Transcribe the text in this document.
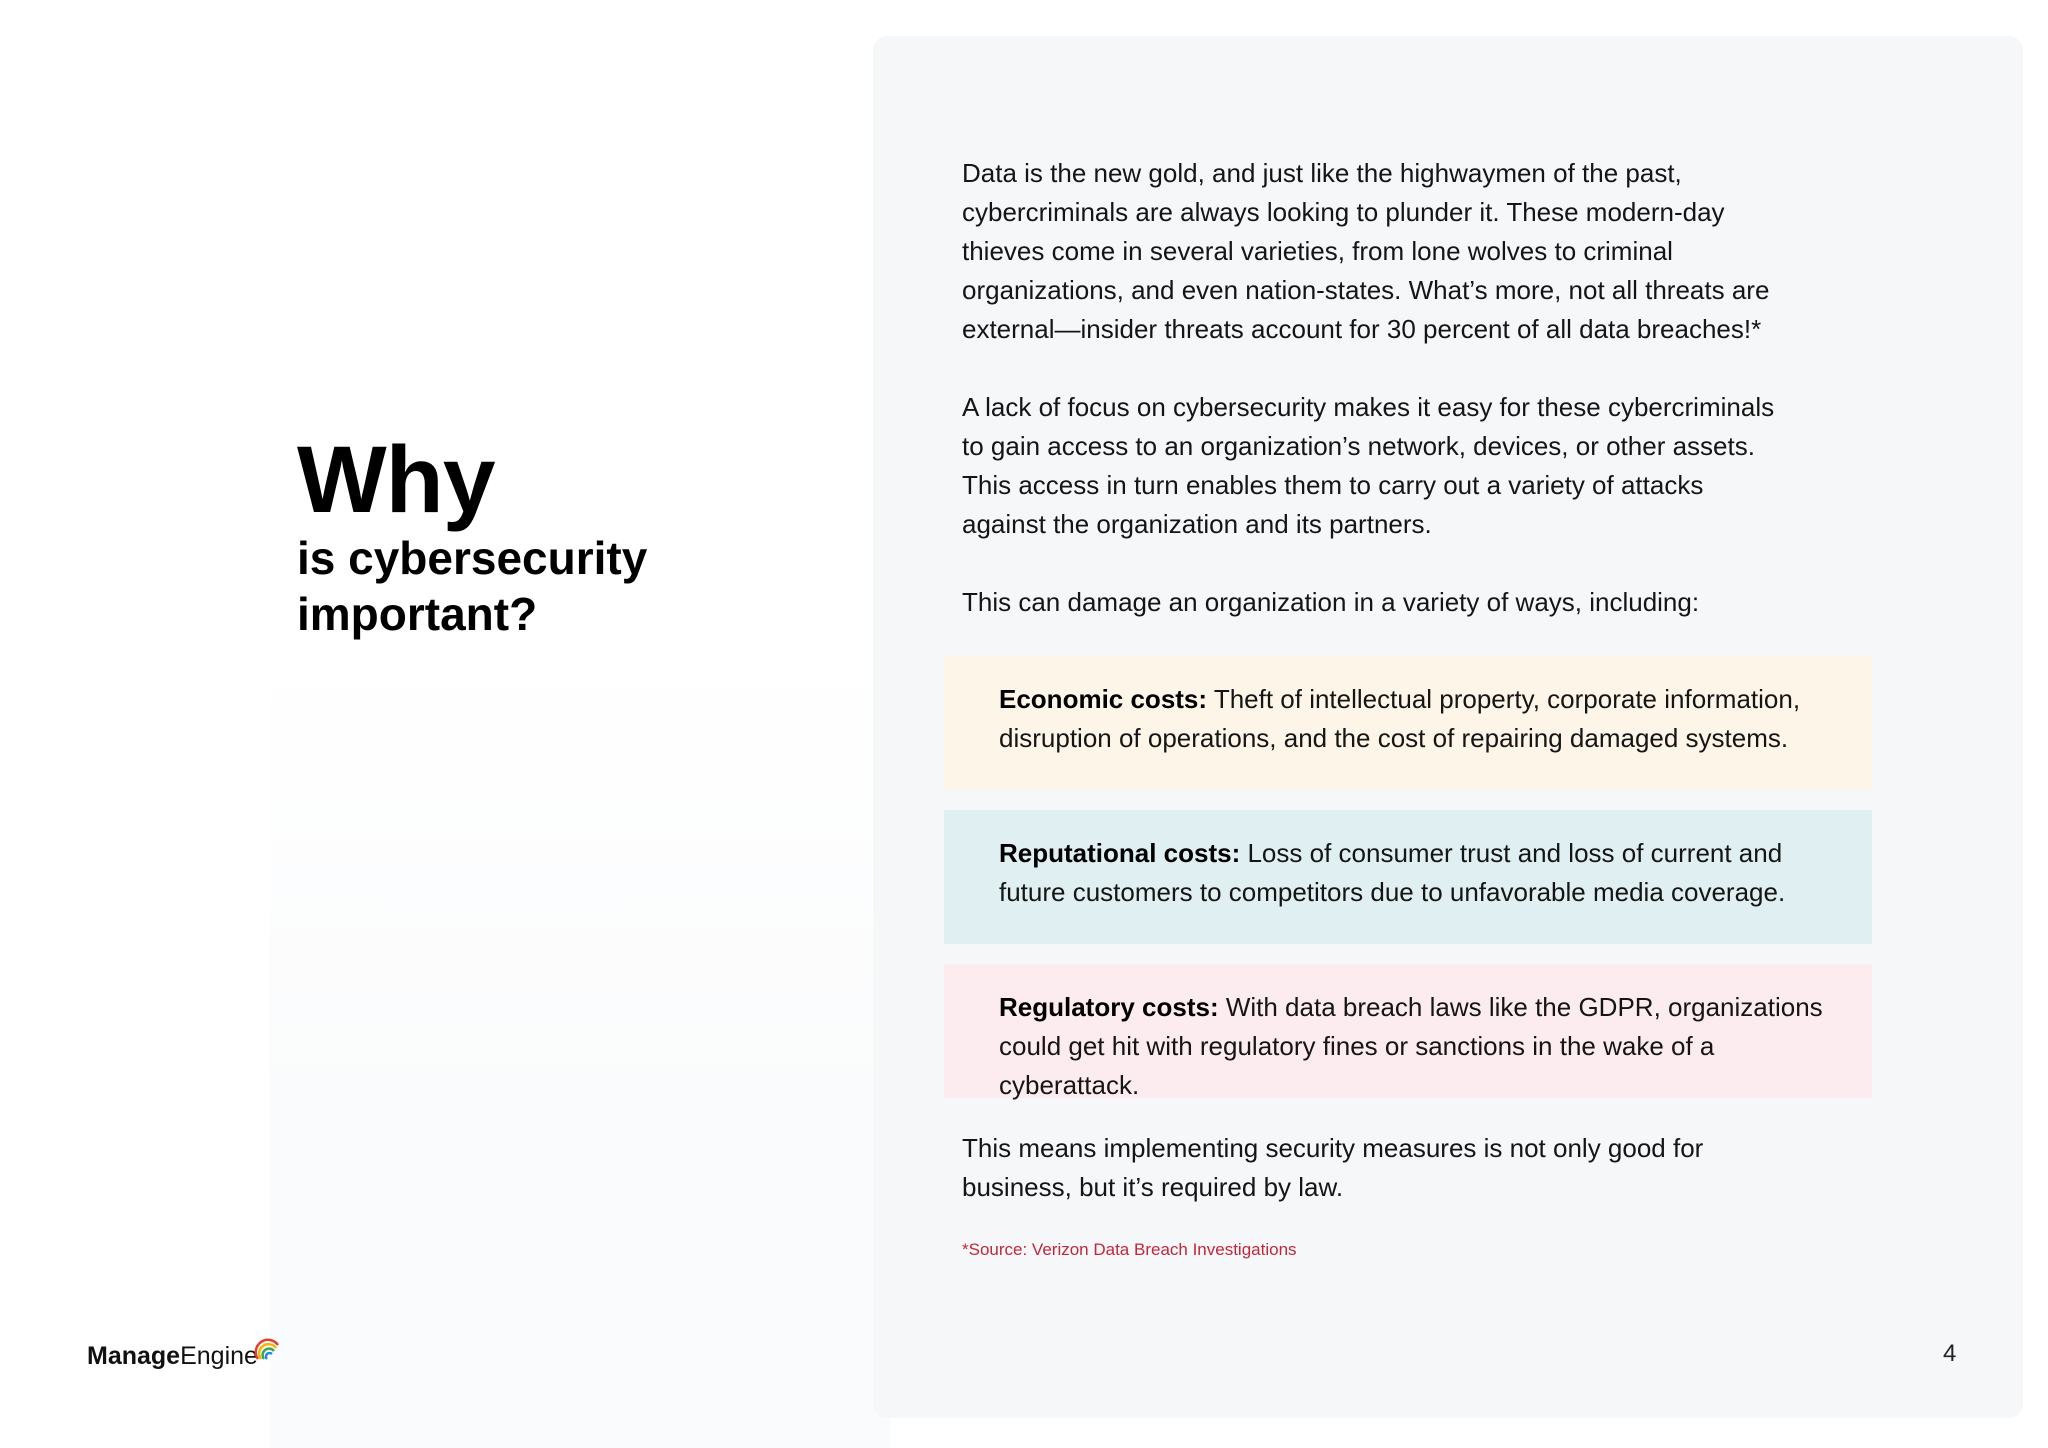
Why
is cybersecurity important?

Data is the new gold, and just like the highwaymen of the past, cybercriminals are always looking to plunder it. These modern-day thieves come in several varieties, from lone wolves to criminal organizations, and even nation-states. What’s more, not all threats are external—insider threats account for 30 percent of all data breaches!*

A lack of focus on cybersecurity makes it easy for these cybercriminals to gain access to an organization’s network, devices, or other assets. This access in turn enables them to carry out a variety of attacks against the organization and its partners.

This can damage an organization in a variety of ways, including:

Economic costs: Theft of intellectual property, corporate information, disruption of operations, and the cost of repairing damaged systems.
Reputational costs: Loss of consumer trust and loss of current and future customers to competitors due to unfavorable media coverage.
Regulatory costs: With data breach laws like the GDPR, organizations could get hit with regulatory fines or sanctions in the wake of a cyberattack.

This means implementing security measures is not only good for business, but it’s required by law.

*Source: Verizon Data Breach Investigations
Manage Engine	4
